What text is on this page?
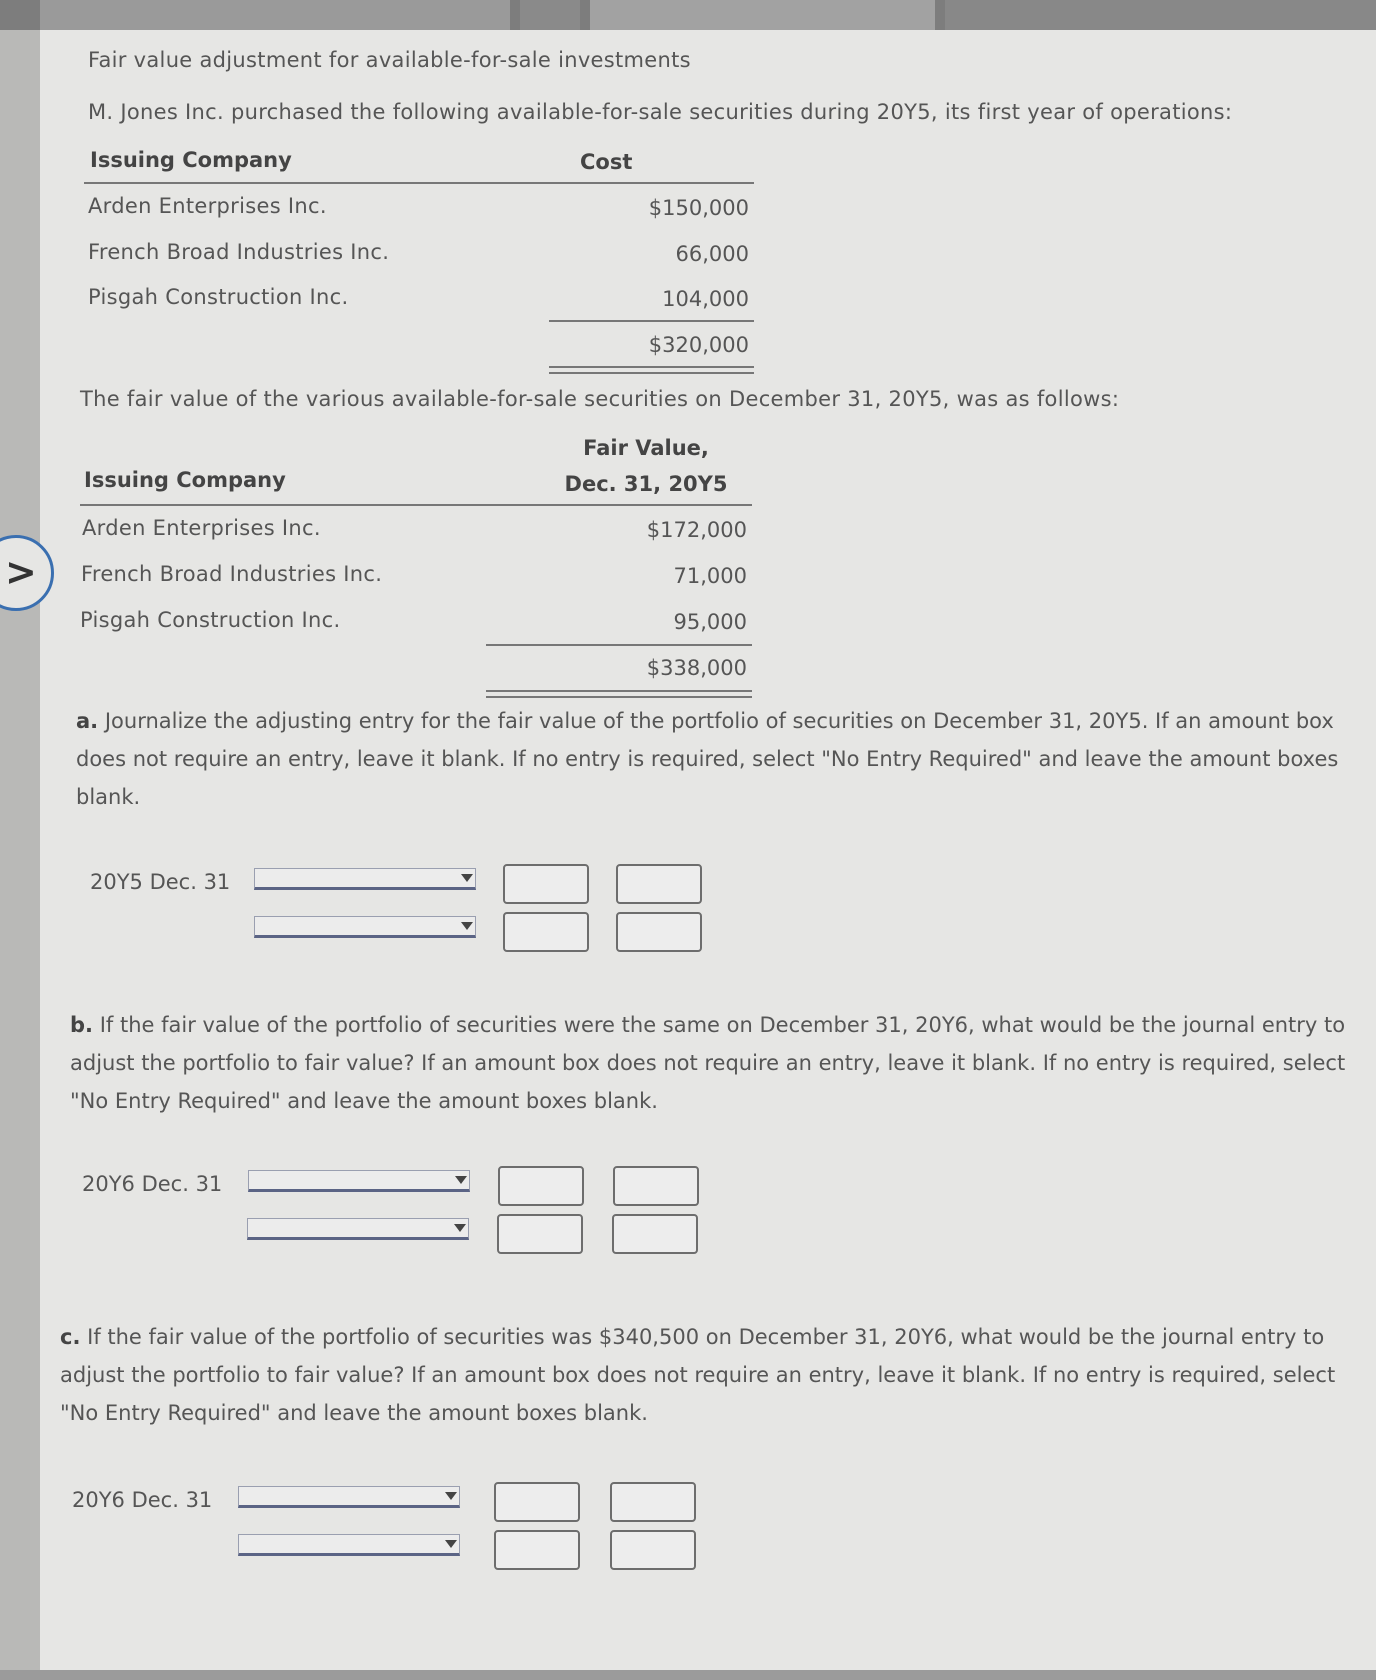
Fair value adjustment for available-for-sale investments
M. Jones Inc. purchased the following available-for-sale securities during 20Y5, its first year of operations:
Issuing Company	Cost
Arden Enterprises Inc.	$150,000
French Broad Industries Inc.	66,000
Pisgah Construction Inc.	104,000
$320,000
The fair value of the various available-for-sale securities on December 31, 20Y5, was as follows:
Fair Value,
Issuing Company	Dec. 31, 20Y5
Arden Enterprises Inc.	$172,000
French Broad Industries Inc.	71,000
Pisgah Construction Inc.	95,000
$338,000
a. Journalize the adjusting entry for the fair value of the portfolio of securities on December 31, 20Y5. If an amount box does not require an entry, leave it blank. If no entry is required, select "No Entry Required" and leave the amount boxes blank.
20Y5 Dec. 31
b. If the fair value of the portfolio of securities were the same on December 31, 20Y6, what would be the journal entry to adjust the portfolio to fair value? If an amount box does not require an entry, leave it blank. If no entry is required, select "No Entry Required" and leave the amount boxes blank.
20Y6 Dec. 31
c. If the fair value of the portfolio of securities was $340,500 on December 31, 20Y6, what would be the journal entry to adjust the portfolio to fair value? If an amount box does not require an entry, leave it blank. If no entry is required, select "No Entry Required" and leave the amount boxes blank.
20Y6 Dec. 31
>
